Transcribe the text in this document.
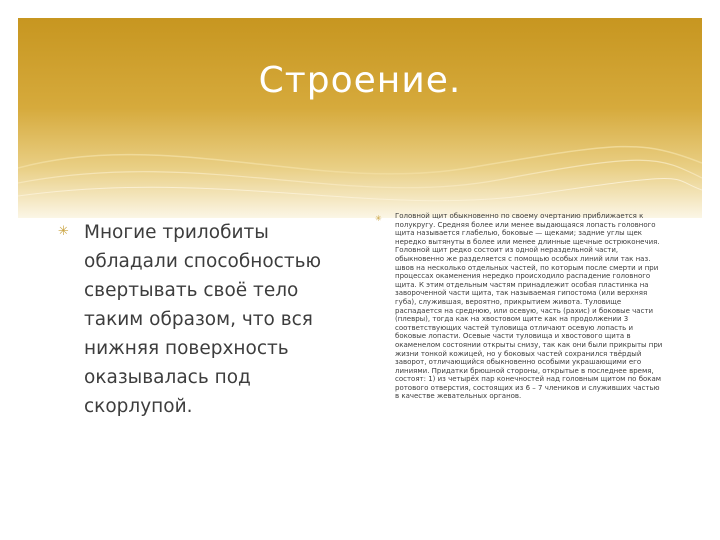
Строение.
✳ Многие трилобиты обладали способностью свертывать своё тело таким образом, что вся нижняя поверхность оказывалась под скорлупой.
✳	Головной щит обыкновенно по своему очертанию приближается к полукругу. Средняя более или менее выдающаяся лопасть головного щита называется глабелью, боковые — щеками; задние углы щек нередко вытянуты в более или менее длинные щечные острюконечия. Головной щит редко состоит из одной нераздельной части, обыкновенно же разделяется с помощью особых линий или так наз. швов на несколько отдельных частей, по которым после смерти и при процессах окаменения нередко происходило распадение головного щита. К этим отдельным частям принадлежит особая пластинка на завороченной части щита, так называемая гипостома (или верхняя губа), служившая, вероятно, прикрытием живота. Туловище распадается на среднюю, или осевую, часть (рахис) и боковые части (плевры), тогда как на хвостовом щите как на продолжении 3 соответствующих частей туловища отличают осевую лопасть и боковые лопасти. Осевые части туловища и хвостового щита в окаменелом состоянии открыты снизу, так как они были прикрыты при жизни тонкой кожицей, но у боковых частей сохранился твёрдый заворот, отличающийся обыкновенно особыми украшающими его линиями. Придатки брюшной стороны, открытые в последнее время, состоят: 1) из четырёх пар конечностей над головным щитом по бокам ротового отверстия, состоящих из 6 – 7 члеников и служивших частью в качестве жевательных органов.
